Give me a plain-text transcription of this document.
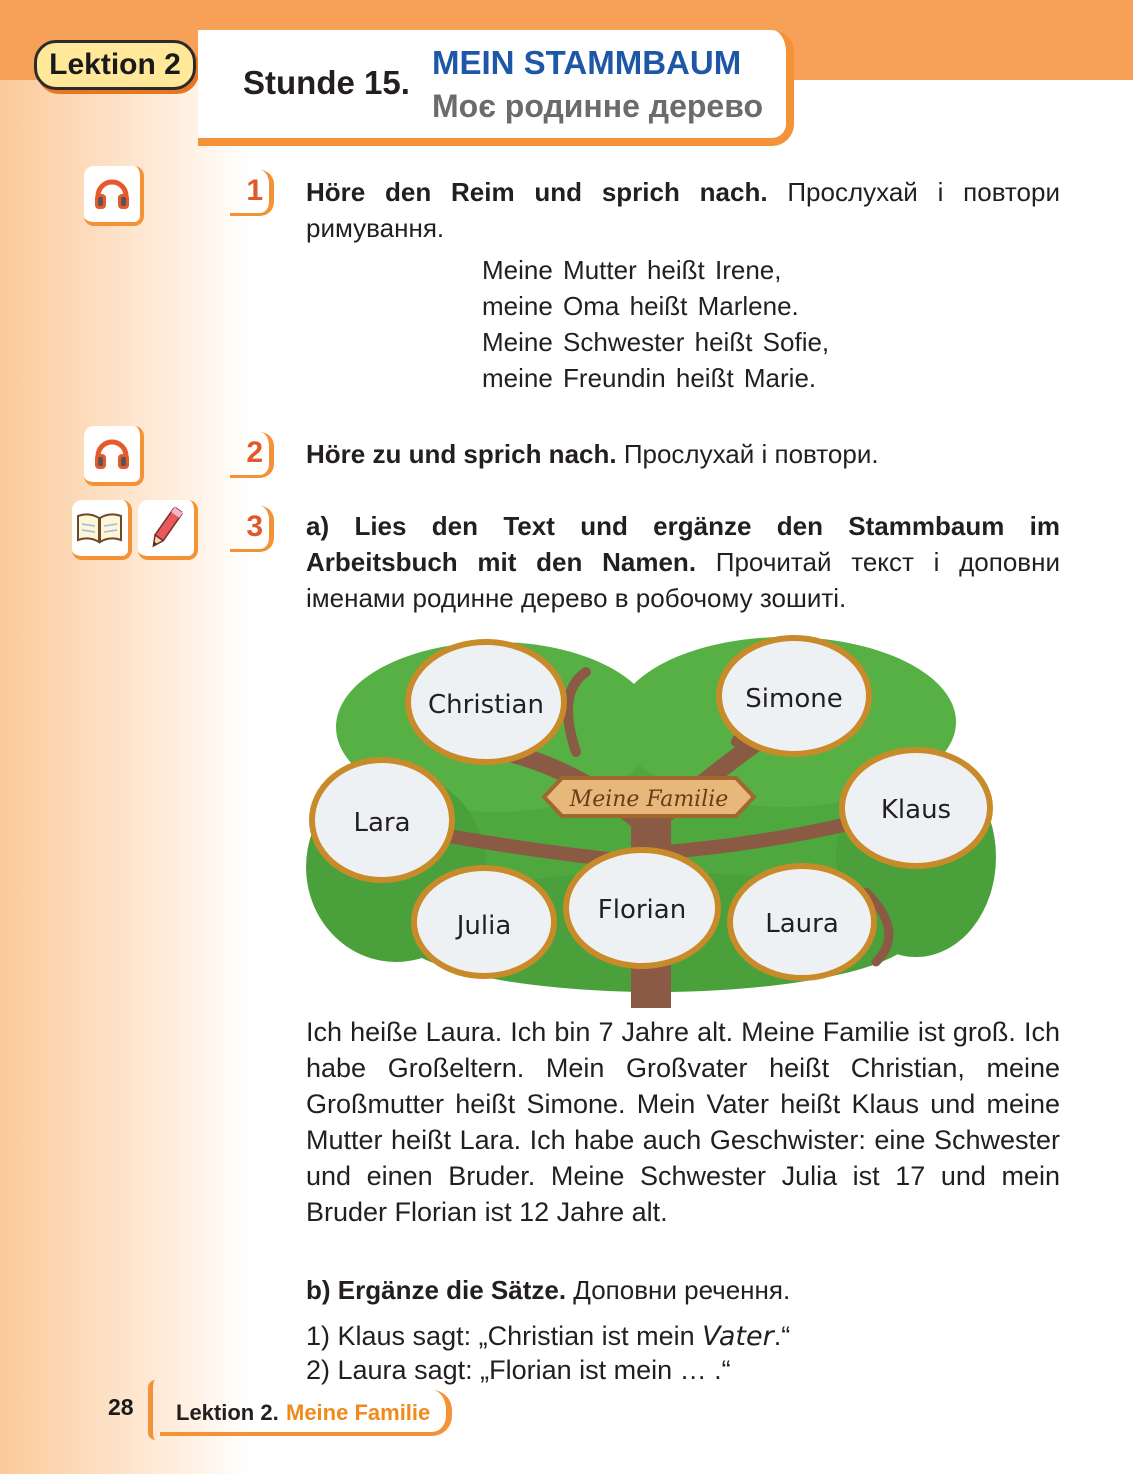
Lektion 2	Stunde 15.
MEIN STAMMBAUM
Моє родинне дерево
1	Höre den Reim und sprich nach. Прослухай і повтори римування.
Meine Mutter heißt Irene,
meine Oma heißt Marlene.
Meine Schwester heißt Sofie,
meine Freundin heißt Marie.
2	Höre zu und sprich nach. Прослухай і повтори.
3	a) Lies den Text und ergänze den Stammbaum im Arbeitsbuch mit den Namen. Прочитай текст і доповни іменами родинне дерево в робочому зошиті.
Meine Familie
Christian	Simone
Lara	Klaus
Julia
Florian	Laura
Ich heiße Laura. Ich bin 7 Jahre alt. Meine Familie ist groß. Ich habe Großeltern. Mein Großvater heißt Christian, meine Großmutter heißt Simone. Mein Vater heißt Klaus und meine Mutter heißt Lara. Ich habe auch Geschwister: eine Schwester und einen Bruder. Meine Schwester Julia ist 17 und mein Bruder Florian ist 12 Jahre alt.
b) Ergänze die Sätze. Доповни речення.
1) Klaus sagt: „Christian ist mein Vater.“
2) Laura sagt: „Florian ist mein … .“
28 Lektion 2. Meine Familie
